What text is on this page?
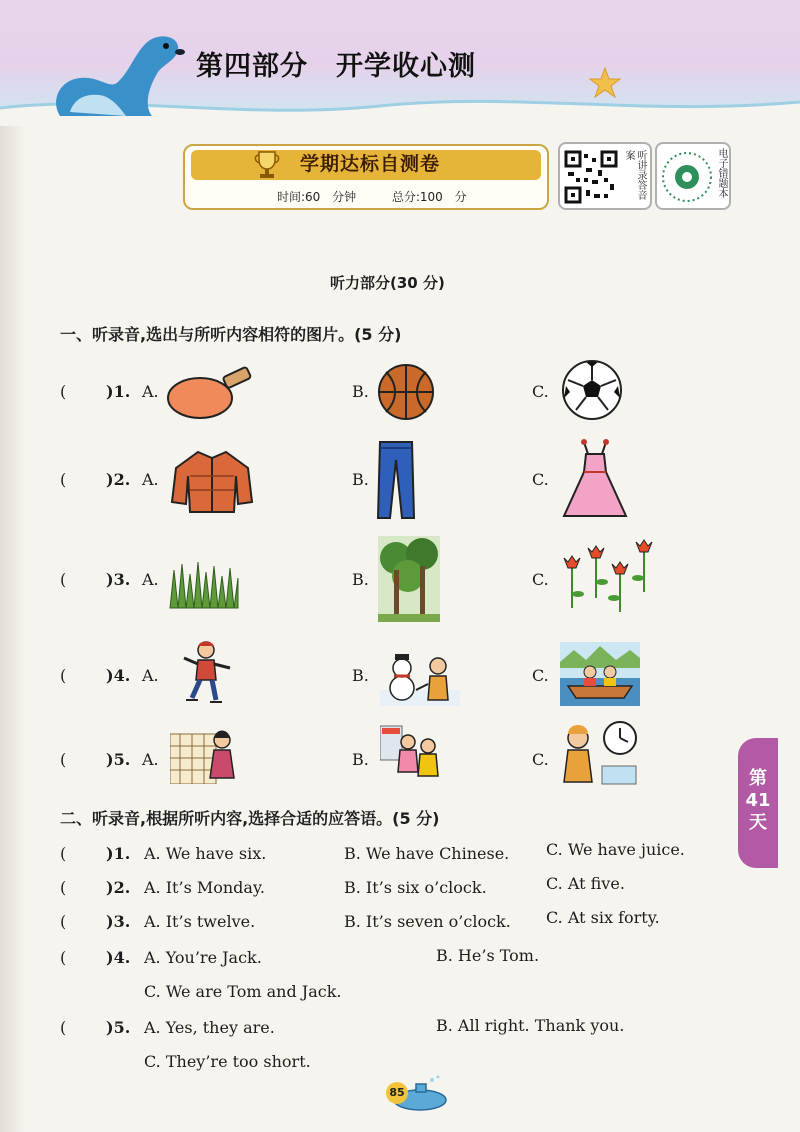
第四部分　开学收心测
学期达标自测卷
时间:60 分钟 　	总分:100 分	听讲录答音案	电子错题本
听力部分(30 分)
一、听录音,选出与所听内容相符的图片。(5 分)
( )1. A.	B.	C.
( )2. A.	B.	C.
( )3. A.	B.	C.
( )4. A.	B.	C.
( )5. A.	B.	C.
二、听录音,根据所听内容,选择合适的应答语。(5 分)
( )1. A. We have six.	B. We have Chinese. C. We have juice.
( )2. A. It’s Monday.	B. It’s six o’clock.	C. At five.
( )3. A. It’s twelve.	B. It’s seven o’clock. C. At six forty.
( )4. A. You’re Jack.	B. He’s Tom.
C. We are Tom and Jack.
( )5. A. Yes, they are.	B. All right. Thank you.
C. They’re too short.
第41天
85
